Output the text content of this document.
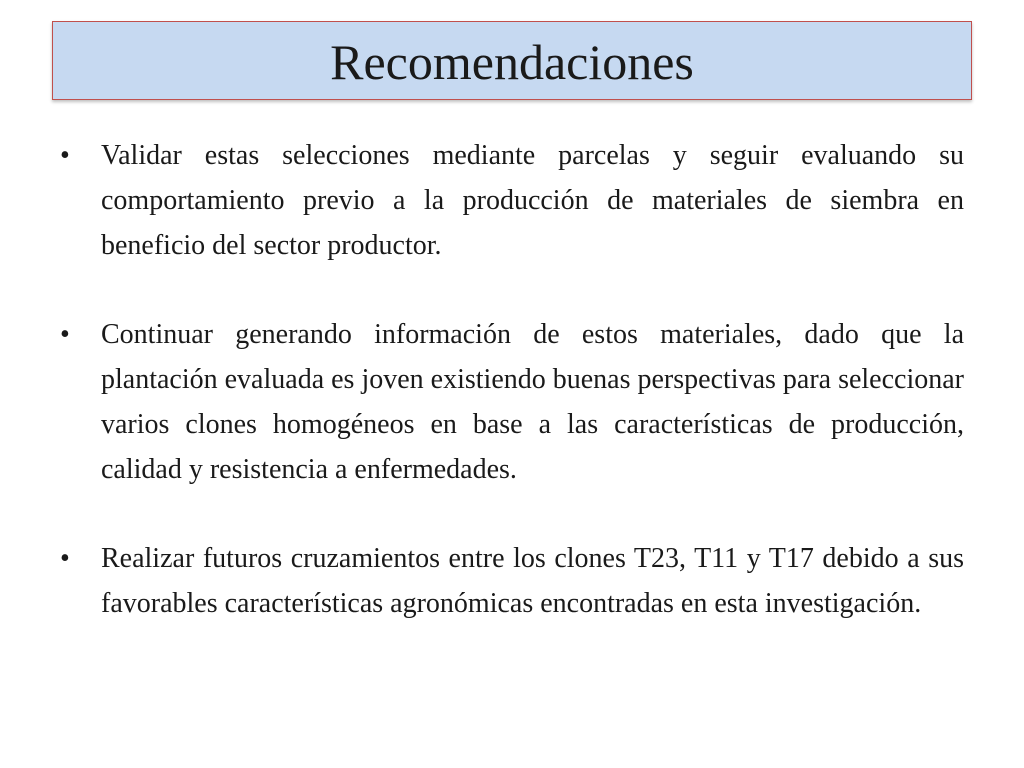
Recomendaciones
•	Validar estas selecciones mediante parcelas y seguir evaluando su comportamiento previo a la producción de materiales de siembra en beneficio del sector productor.
•	Continuar generando información de estos materiales, dado que la plantación evaluada es joven existiendo buenas perspectivas para seleccionar varios clones homogéneos en base a las características de producción, calidad y resistencia a enfermedades.
•	Realizar futuros cruzamientos entre los clones T23, T11 y T17 debido a sus favorables características agronómicas encontradas en esta investigación.
